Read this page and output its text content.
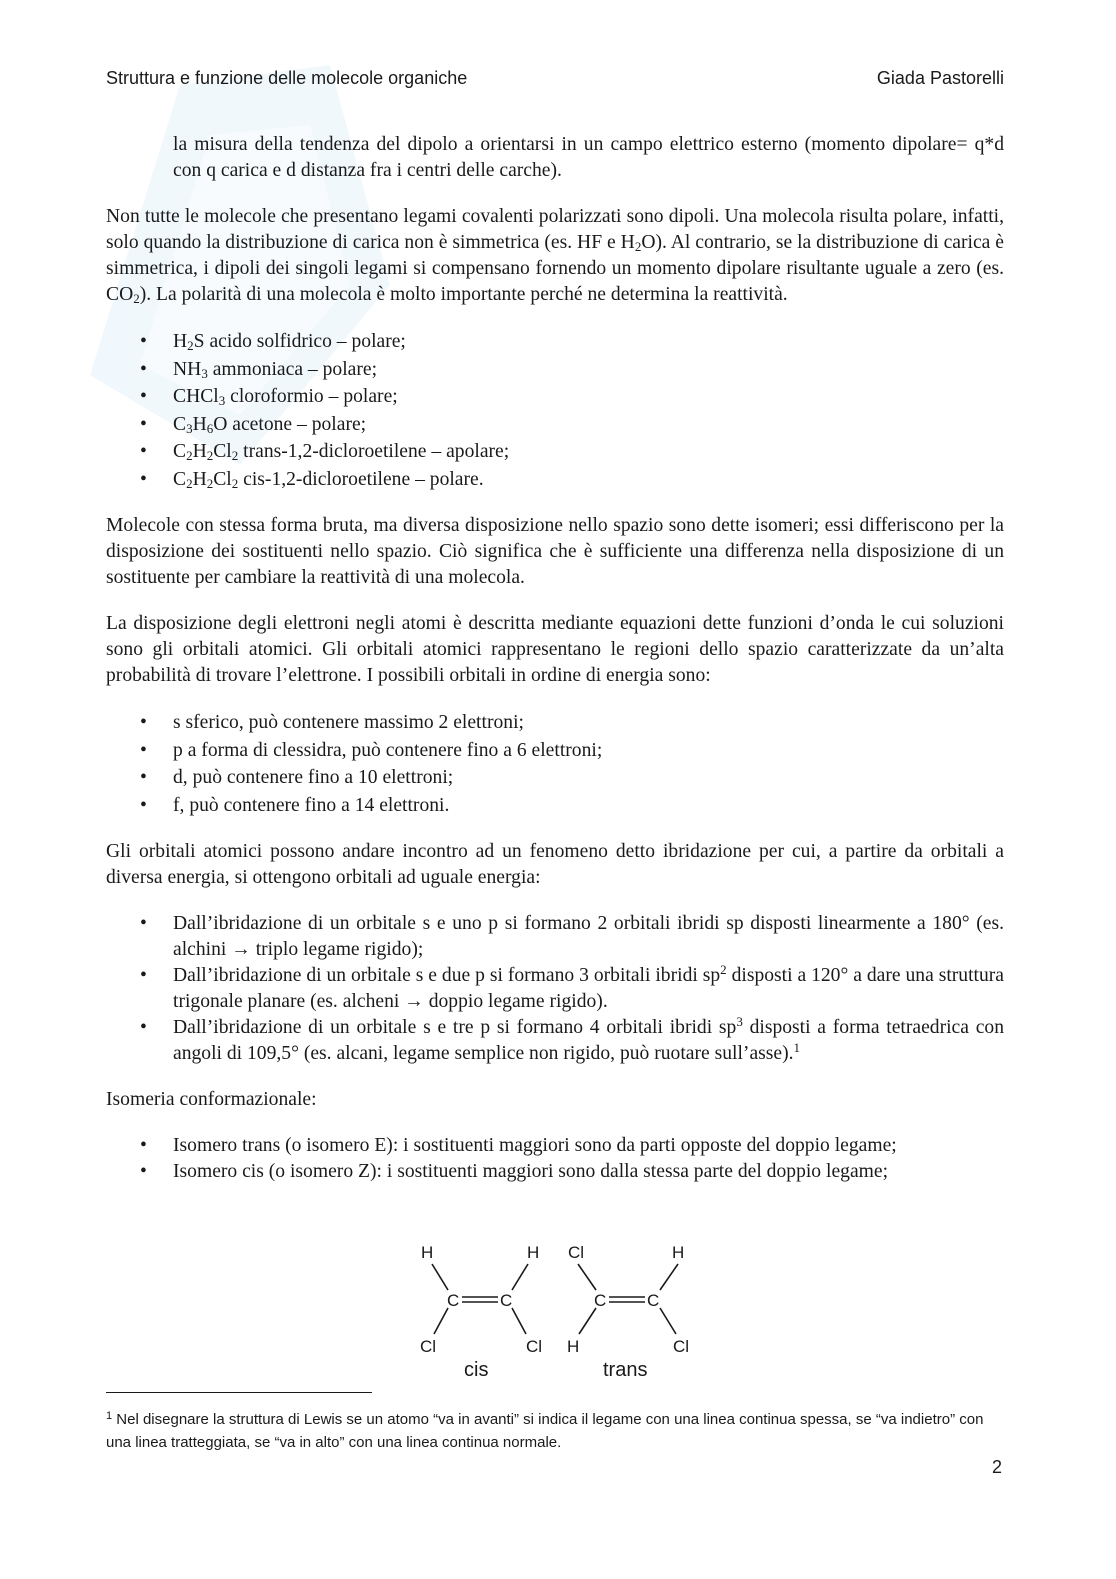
Struttura e funzione delle molecole organiche	Giada Pastorelli

la misura della tendenza del dipolo a orientarsi in un campo elettrico esterno (momento dipolare= q*d con q carica e d distanza fra i centri delle carche).

Non tutte le molecole che presentano legami covalenti polarizzati sono dipoli. Una molecola risulta polare, infatti, solo quando la distribuzione di carica non è simmetrica (es. HF e $H_2O$). Al contrario, se la distribuzione di carica è simmetrica, i dipoli dei singoli legami si compensano fornendo un momento dipolare risultante uguale a zero (es. $CO_2$). La polarità di una molecola è molto importante perché ne determina la reattività.

• $H_2S$ acido solfidrico – polare;
• $NH_3$ ammoniaca – polare;
• CHCl$_3$ cloroformio – polare;
• $C_3H_6O$ acetone – polare;
• $C_2H_2Cl_2$ trans-1,2-dicloroetilene – apolare;
• $C_2H_2Cl_2$ cis-1,2-dicloroetilene – polare.

Molecole con stessa forma bruta, ma diversa disposizione nello spazio sono dette isomeri; essi differiscono per la disposizione dei sostituenti nello spazio. Ciò significa che è sufficiente una differenza nella disposizione di un sostituente per cambiare la reattività di una molecola.

La disposizione degli elettroni negli atomi è descritta mediante equazioni dette funzioni d’onda le cui soluzioni sono gli orbitali atomici. Gli orbitali atomici rappresentano le regioni dello spazio caratterizzate da un’alta probabilità di trovare l’elettrone. I possibili orbitali in ordine di energia sono:

• s sferico, può contenere massimo 2 elettroni;
• p a forma di clessidra, può contenere fino a 6 elettroni;
• d, può contenere fino a 10 elettroni;
• f, può contenere fino a 14 elettroni.

Gli orbitali atomici possono andare incontro ad un fenomeno detto ibridazione per cui, a partire da orbitali a diversa energia, si ottengono orbitali ad uguale energia:

• Dall’ibridazione di un orbitale s e uno p si formano 2 orbitali ibridi sp disposti linearmente a 180° (es. alchini → triplo legame rigido);
• Dall’ibridazione di un orbitale s e due p si formano 3 orbitali ibridi $sp^2$ disposti a 120° a dare una struttura trigonale planare (es. alcheni → doppio legame rigido).
• Dall’ibridazione di un orbitale s e tre p si formano 4 orbitali ibridi $sp^3$ disposti a forma tetraedrica con angoli di 109,5° (es. alcani, legame semplice non rigido, può ruotare sull’asse).$^1$

Isomeria conformazionale:

• Isomero trans (o isomero E): i sostituenti maggiori sono da parti opposte del doppio legame;
• Isomero cis (o isomero Z): i sostituenti maggiori sono dalla stessa parte del doppio legame;
H	H
C C
Cl	Cl
cis
Cl	H
C C
H	Cl
trans
$^1$ Nel disegnare la struttura di Lewis se un atomo “va in avanti” si indica il legame con una linea continua spessa, se “va indietro” con una linea tratteggiata, se “va in alto” con una linea continua normale.
2
